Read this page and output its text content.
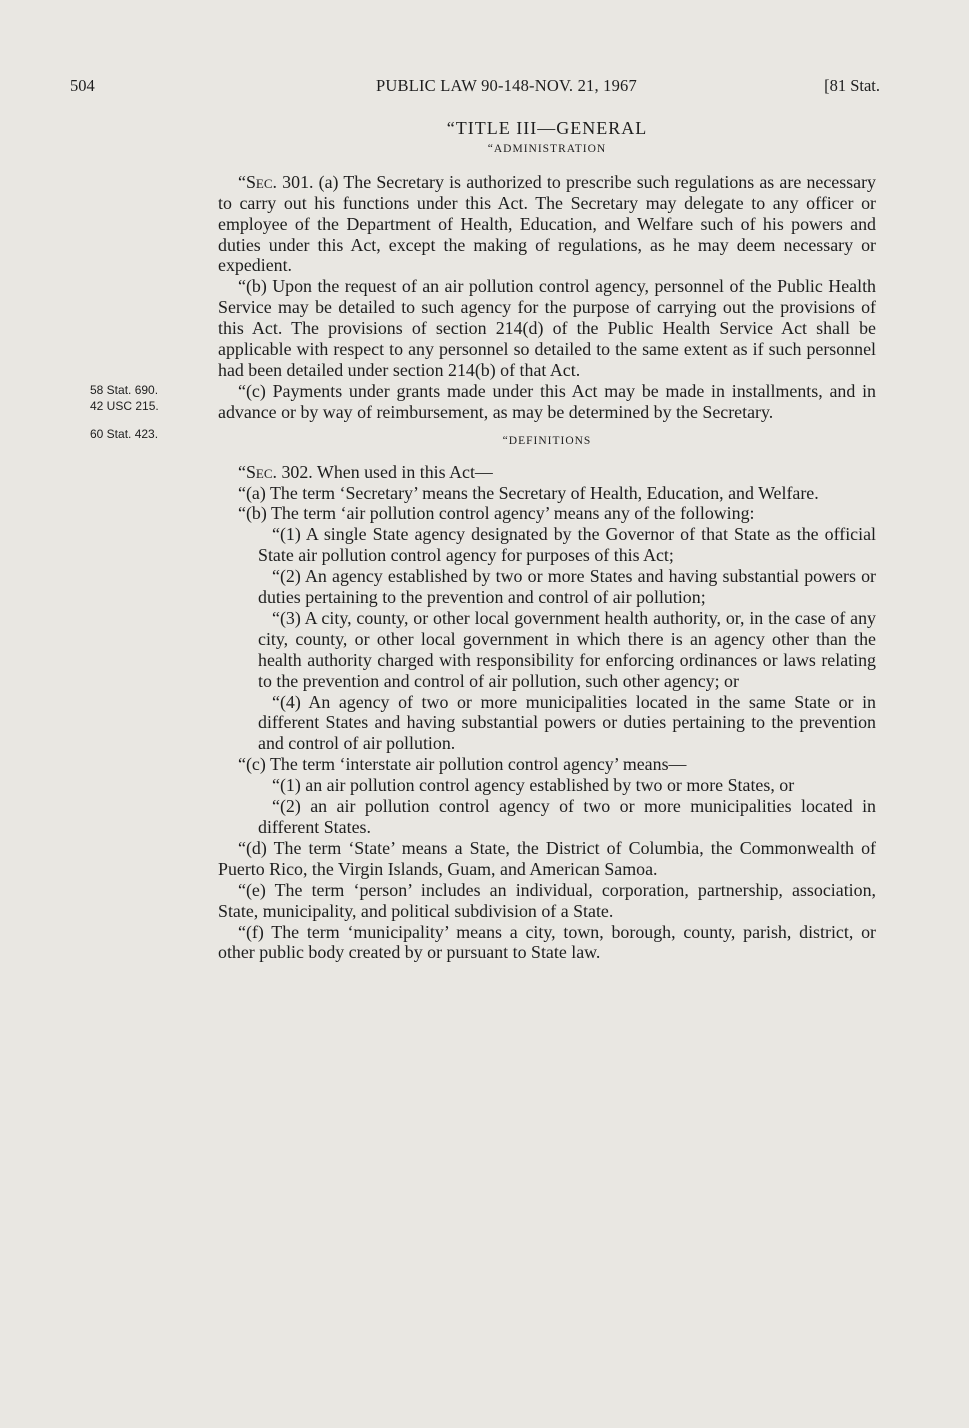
504	PUBLIC LAW 90-148-NOV. 21, 1967	[81 Stat.
58 Stat. 690.
42 USC 215.
60 Stat. 423.
“TITLE III—GENERAL
“ADMINISTRATION

“Sec. 301. (a) The Secretary is authorized to prescribe such regulations as are necessary to carry out his functions under this Act. The Secretary may delegate to any officer or employee of the Department of Health, Education, and Welfare such of his powers and duties under this Act, except the making of regulations, as he may deem necessary or expedient.

“(b) Upon the request of an air pollution control agency, personnel of the Public Health Service may be detailed to such agency for the purpose of carrying out the provisions of this Act. The provisions of section 214(d) of the Public Health Service Act shall be applicable with respect to any personnel so detailed to the same extent as if such personnel had been detailed under section 214(b) of that Act.

“(c) Payments under grants made under this Act may be made in installments, and in advance or by way of reimbursement, as may be determined by the Secretary.

“DEFINITIONS

“Sec. 302. When used in this Act—

“(a) The term ‘Secretary’ means the Secretary of Health, Education, and Welfare.

“(b) The term ‘air pollution control agency’ means any of the following:

“(1) A single State agency designated by the Governor of that State as the official State air pollution control agency for purposes of this Act;

“(2) An agency established by two or more States and having substantial powers or duties pertaining to the prevention and control of air pollution;

“(3) A city, county, or other local government health authority, or, in the case of any city, county, or other local government in which there is an agency other than the health authority charged with responsibility for enforcing ordinances or laws relating to the prevention and control of air pollution, such other agency; or

“(4) An agency of two or more municipalities located in the same State or in different States and having substantial powers or duties pertaining to the prevention and control of air pollution.

“(c) The term ‘interstate air pollution control agency’ means—

“(1) an air pollution control agency established by two or more States, or

“(2) an air pollution control agency of two or more municipalities located in different States.

“(d) The term ‘State’ means a State, the District of Columbia, the Commonwealth of Puerto Rico, the Virgin Islands, Guam, and American Samoa.

“(e) The term ‘person’ includes an individual, corporation, partnership, association, State, municipality, and political subdivision of a State.

“(f) The term ‘municipality’ means a city, town, borough, county, parish, district, or other public body created by or pursuant to State law.
